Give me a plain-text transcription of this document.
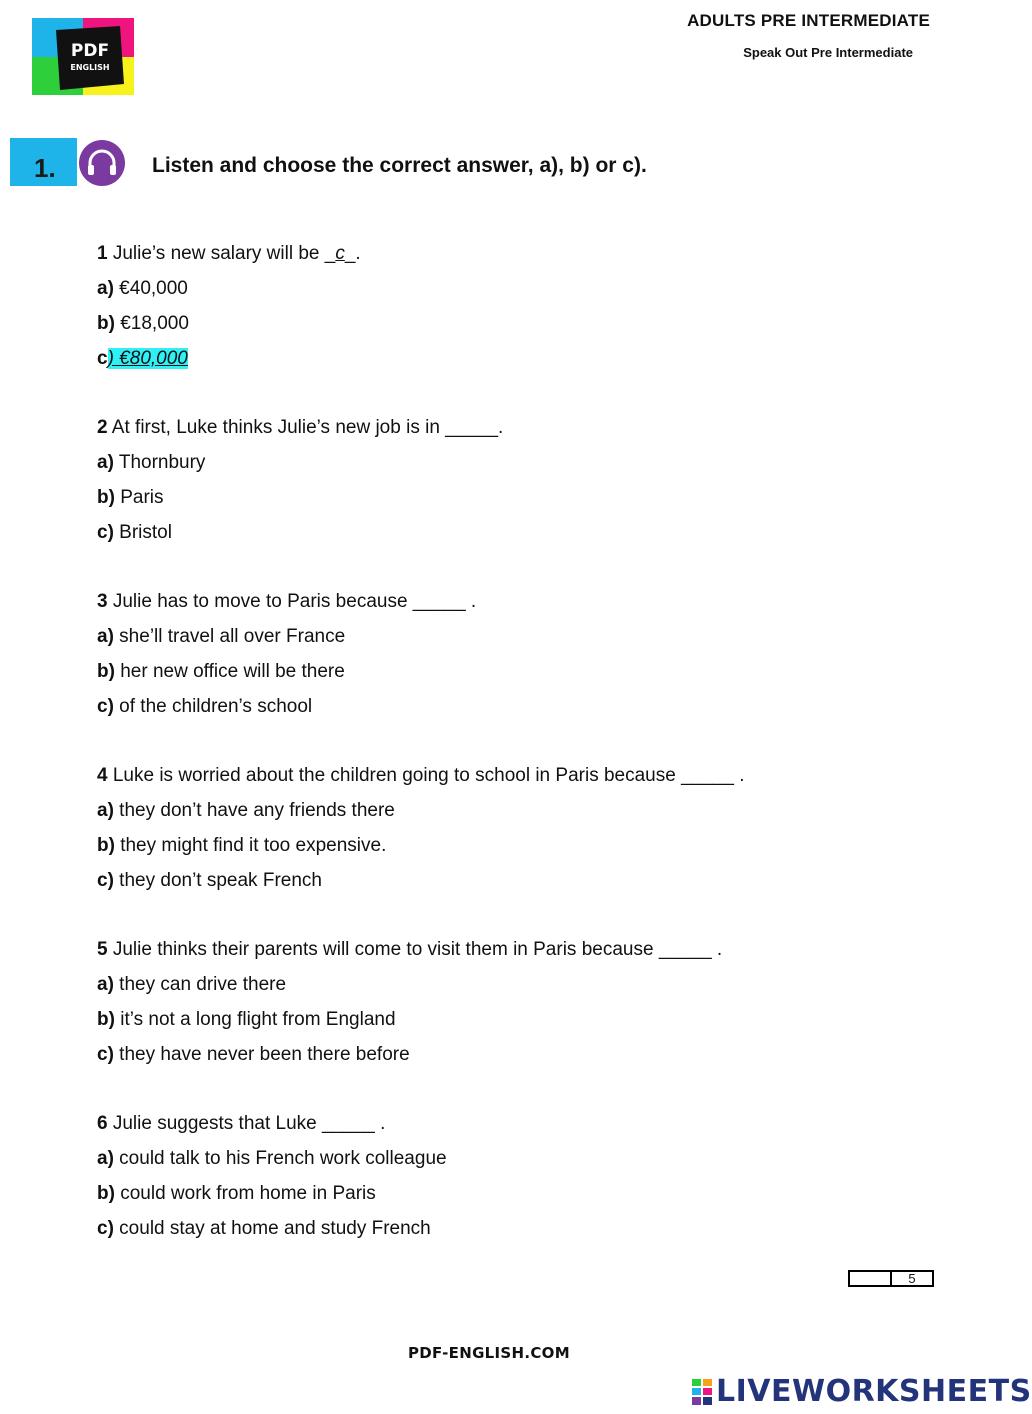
PDF
ENGLISH
ADULTS PRE INTERMEDIATE
Speak Out Pre Intermediate
1.	Listen and choose the correct answer, a), b) or c).
1 Julie’s new salary will be _c_.
a) €40,000
b) €18,000
c) €80,000
2 At first, Luke thinks Julie’s new job is in _____.
a) Thornbury
b) Paris
c) Bristol
3 Julie has to move to Paris because _____ .
a) she’ll travel all over France
b) her new office will be there
c) of the children’s school
4 Luke is worried about the children going to school in Paris because _____ .
a) they don’t have any friends there
b) they might find it too expensive.
c) they don’t speak French
5 Julie thinks their parents will come to visit them in Paris because _____ .
a) they can drive there
b) it’s not a long flight from England
c) they have never been there before
6 Julie suggests that Luke _____ .
a) could talk to his French work colleague
b) could work from home in Paris
c) could stay at home and study French
5
PDF-ENGLISH.COM
LIVEWORKSHEETS
